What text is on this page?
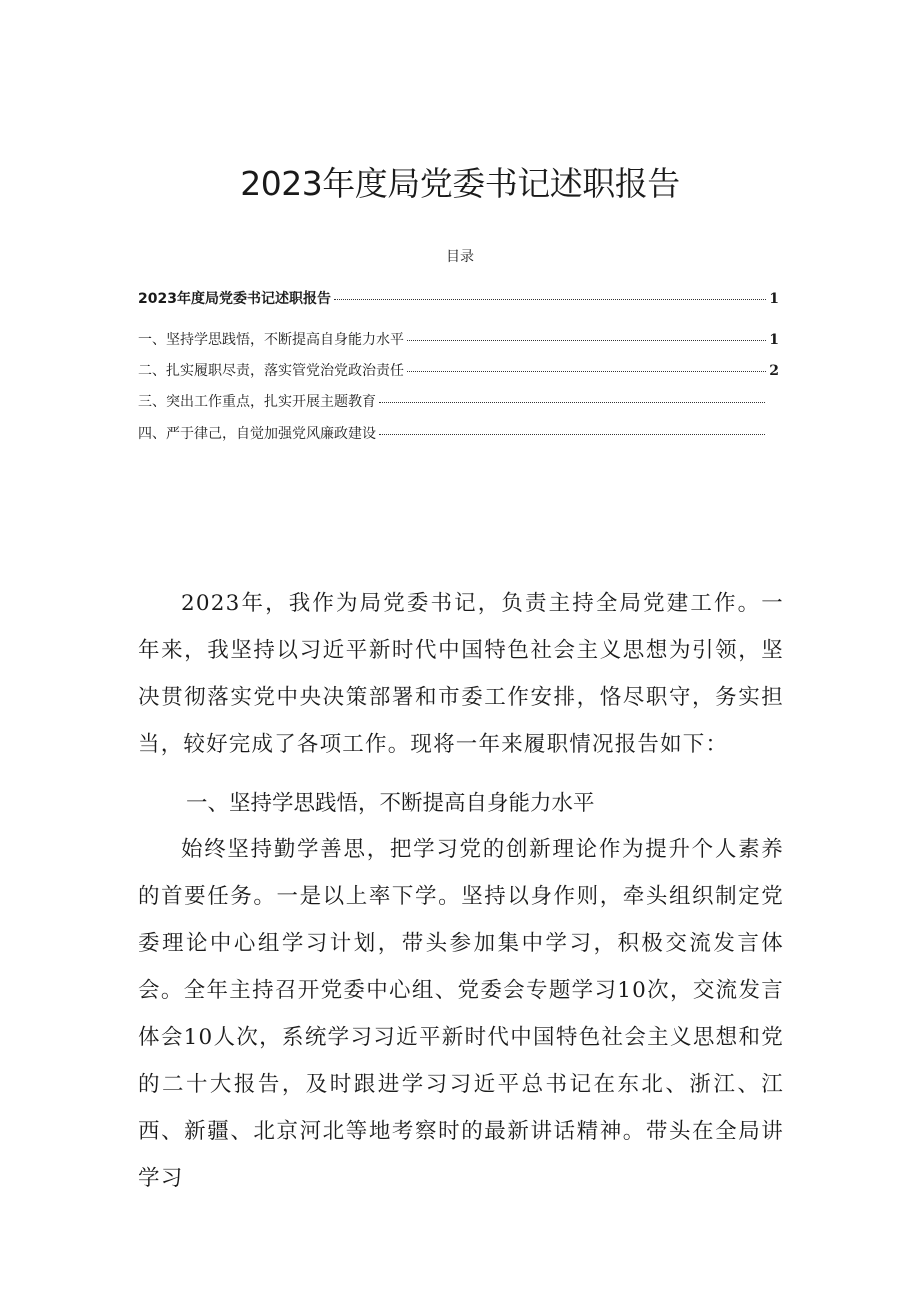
2023年度局党委书记述职报告
目录
2023年度局党委书记述职报告	1
一、坚持学思践悟，不断提高自身能力水平	1
二、扎实履职尽责，落实管党治党政治责任	2
三、突出工作重点，扎实开展主题教育
四、严于律己，自觉加强党风廉政建设

2023年，我作为局党委书记，负责主持全局党建工作。一年来，我坚持以习近平新时代中国特色社会主义思想为引领，坚决贯彻落实党中央决策部署和市委工作安排，恪尽职守，务实担当，较好完成了各项工作。现将一年来履职情况报告如下：

一、坚持学思践悟，不断提高自身能力水平

始终坚持勤学善思，把学习党的创新理论作为提升个人素养的首要任务。一是以上率下学。坚持以身作则，牵头组织制定党委理论中心组学习计划，带头参加集中学习，积极交流发言体会。全年主持召开党委中心组、党委会专题学习10次，交流发言体会10人次，系统学习习近平新时代中国特色社会主义思想和党的二十大报告，及时跟进学习习近平总书记在东北、浙江、江西、新疆、北京河北等地考察时的最新讲话精神。带头在全局讲学习
